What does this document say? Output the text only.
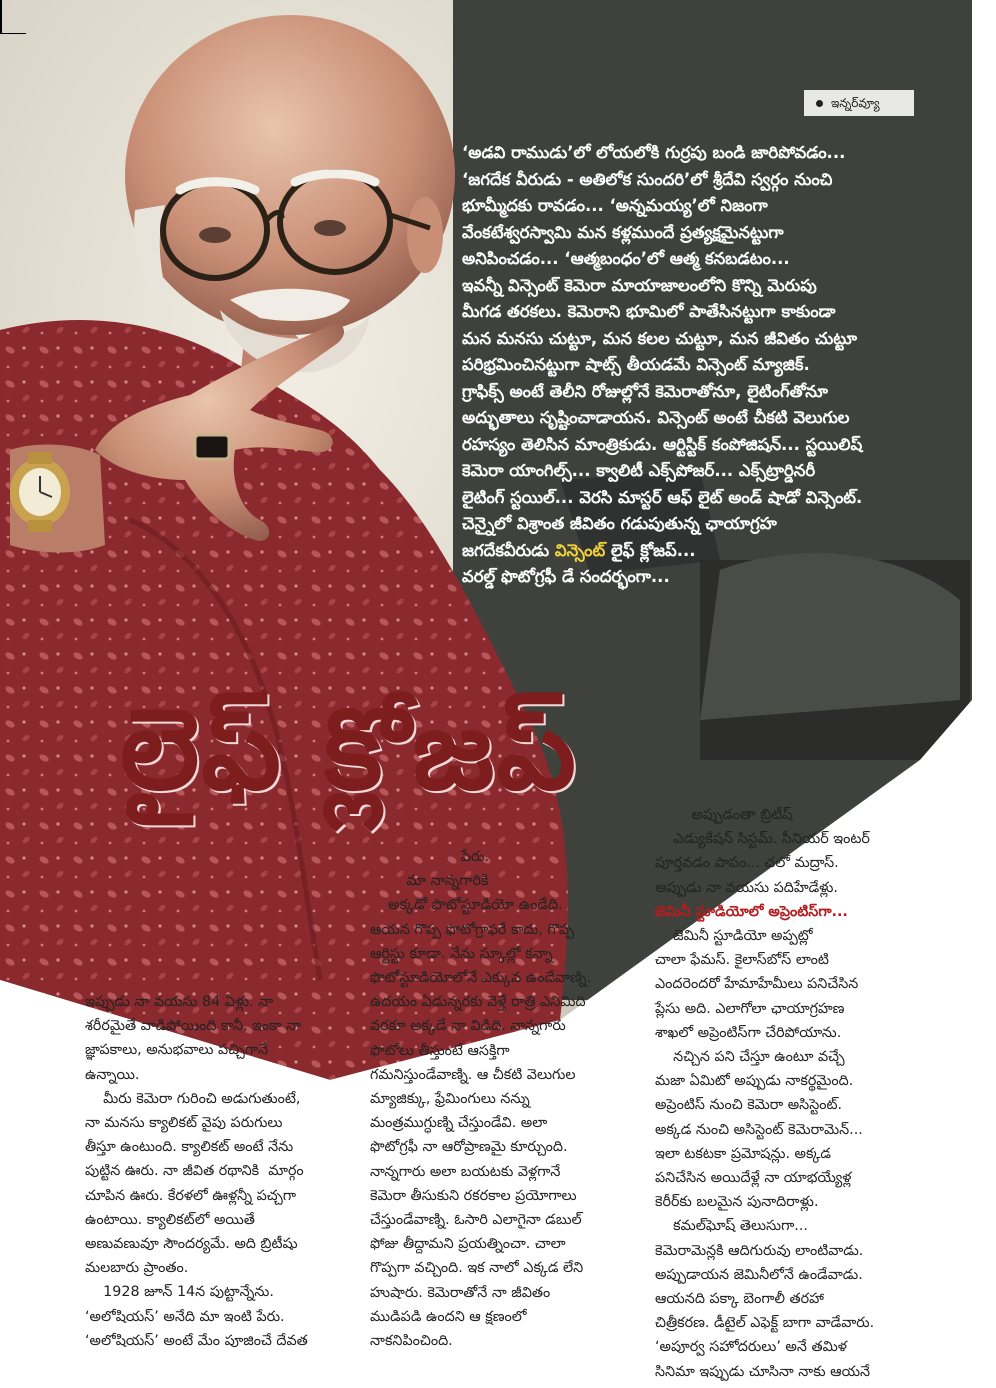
ఇన్నర్‌వ్యూ
‘అడవి రాముడు’లో లోయలోకి గుర్రపు బండి జారిపోవడం...
‘జగదేక వీరుడు - అతిలోక సుందరి’లో శ్రీదేవి స్వర్గం నుంచి
భూమ్మీదకు రావడం... ‘అన్నమయ్య’లో నిజంగా
వేంకటేశ్వరస్వామి మన కళ్లముందే ప్రత్యక్షమైనట్టుగా
అనిపించడం... ‘ఆత్మబంధం’లో ఆత్మ కనబడటం...
ఇవన్నీ విన్సెంట్ కెమెరా మాయాజాలంలోని కొన్ని మెరుపు
మీగడ తరకలు. కెమెరాని భూమిలో పాతేసినట్టుగా కాకుండా
మన మనసు చుట్టూ, మన కలల చుట్టూ, మన జీవితం చుట్టూ
పరిభ్రమించినట్టుగా షాట్స్ తీయడమే విన్సెంట్ మ్యాజిక్.
గ్రాఫిక్స్ అంటే తెలీని రోజుల్లోనే కెమెరాతోనూ, లైటింగ్‌తోనూ
అద్భుతాలు సృష్టించాడాయన. విన్సెంట్ అంటే చీకటి వెలుగుల
రహస్యం తెలిసిన మాంత్రికుడు. ఆర్టిస్టిక్ కంపోజిషన్... స్టయిలిష్
కెమెరా యాంగిల్స్... క్వాలిటీ ఎక్స్‌పోజర్... ఎక్స్‌ట్రార్డినరీ
లైటింగ్ స్టయిల్... వెరసి మాస్టర్ ఆఫ్ లైట్ అండ్ షాడో విన్సెంట్.
చెన్నైలో విశ్రాంత జీవితం గడుపుతున్న ఛాయాగ్రహ
జగదేకవీరుడు విన్సెంట్ లైఫ్ క్లోజప్...
వరల్డ్ ఫొటోగ్రఫీ డే సందర్భంగా...
లైఫ్ క్లోజప్
ఇప్పుడు నా వయసు 84 ఏళ్లు. నా
శరీరమైతే వాడిపోయింది కానీ, ఇంకా నా
జ్ఞాపకాలు, అనుభవాలు పచ్చిగానే
ఉన్నాయి.
మీరు కెమెరా గురించి అడుగుతుంటే,
నా మనసు క్యాలికట్ వైపు పరుగులు
తీస్తూ ఉంటుంది. క్యాలికట్ అంటే నేను
పుట్టిన ఊరు. నా జీవిత రథానికి  మార్గం
చూపిన ఊరు. కేరళలో ఊళ్లన్నీ పచ్చగా
ఉంటాయి. క్యాలికట్‌లో అయితే
అణువణువూ సౌందర్యమే. అది బ్రిటీషు
మలబారు ప్రాంతం.
1928 జూన్ 14న పుట్టాన్నేను.
‘అలోషియస్’ అనేది మా ఇంటి పేరు.
‘అలోషియస్’ అంటే మేం పూజించే దేవత
పేరు.
మా నాన్నగారికి
అక్కడో ఫొటోస్టూడియో ఉండేది.
ఆయన గొప్ప ఫొటోగ్రాఫరే కాదు, గొప్ప
ఆర్టిస్టు కూడా. నేను స్కూల్లో కన్నా
ఫొటోస్టూడియోలోనే ఎక్కువ ఉండేవాణ్ని.
ఉదయం ఏడున్నరకు వెళ్తే రాత్రి ఎనిమిది
వరకూ అక్కడే నా విడిది. నాన్నగారు
ఫొటోలు తీస్తుంటే ఆసక్తిగా
గమనిస్తుండేవాణ్ని. ఆ చీకటి వెలుగుల
మ్యాజిక్కు, ఫ్రేమింగులు నన్ను
మంత్రముగ్ధుణ్ని చేస్తుండేవి. అలా
ఫొటోగ్రఫీ నా ఆరోప్రాణమై కూర్చుంది.
నాన్నగారు అలా బయటకు వెళ్లగానే
కెమెరా తీసుకుని రకరకాల ప్రయోగాలు
చేస్తుండేవాణ్ని. ఓసారి ఎలాగైనా డబుల్
ఫోజు తీద్దామని ప్రయత్నించా. చాలా
గొప్పగా వచ్చింది. ఇక నాలో ఎక్కడ లేని
హుషారు. కెమెరాతోనే నా జీవితం
ముడిపడి ఉందని ఆ క్షణంలో
నాకనిపించింది.
అప్పుడంతా బ్రిటీష్
ఎడ్యుకేషన్ సిస్టమ్. సీనియర్ ఇంటర్
పూర్తవడం పాపం... చలో మద్రాస్.
అప్పుడు నా వయసు పదిహేడేళ్లు.
జెమినీ స్టూడియోలో అప్రెంటిస్‌గా...
జెమినీ స్టూడియో అప్పట్లో
చాలా ఫేమస్. కైలాస్‌బోస్ లాంటి
ఎందరెందరో హేమాహేమీలు పనిచేసిన
ప్లేసు అది. ఎలాగోలా ఛాయాగ్రహణ
శాఖలో అప్రెంటిస్‌గా చేరిపోయాను.
నచ్చిన పని చేస్తూ ఉంటూ వచ్చే
మజా ఏమిటో అప్పుడు నాకర్థమైంది.
అప్రెంటిస్ నుంచి కెమెరా అసిస్టెంట్.
అక్కడ నుంచి అసిస్టెంట్ కెమెరామెన్...
ఇలా టకటకా ప్రమోషన్లు. అక్కడ
పనిచేసిన అయిదేళ్లే నా యాభయ్యేళ్ల
కెరీర్‌కు బలమైన పునాదిరాళ్లు.
కమల్‌ఘోష్ తెలుసుగా...
కెమెరామెన్లకి ఆదిగురువు లాంటివాడు.
అప్పుడాయన జెమినీలోనే ఉండేవాడు.
ఆయనది పక్కా బెంగాలీ తరహా
చిత్రీకరణ. డీటైల్ ఎఫెక్ట్ బాగా వాడేవారు.
‘అపూర్వ సహోదరులు’ అనే తమిళ
సినిమా ఇప్పుడు చూసినా నాకు ఆయనే
